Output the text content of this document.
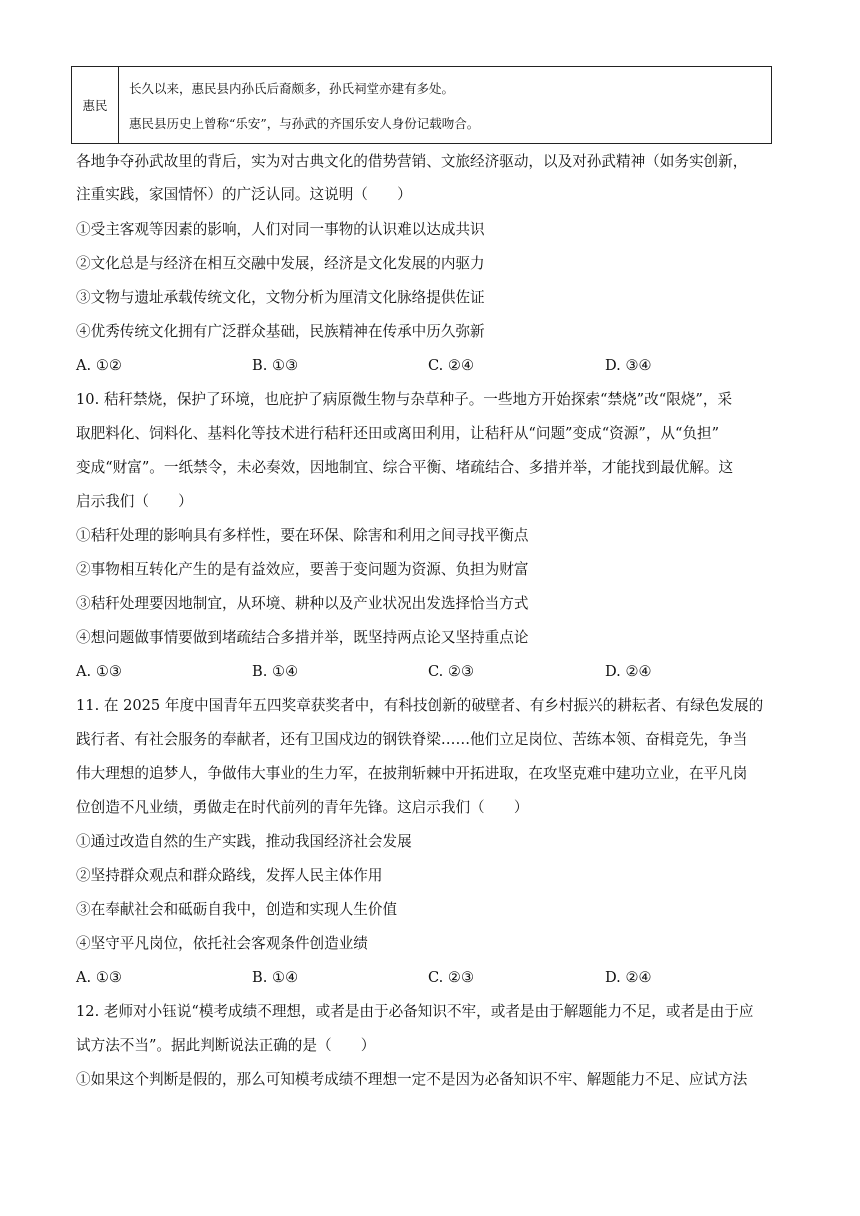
惠民
长久以来，惠民县内孙氏后裔颇多，孙氏祠堂亦建有多处。
惠民县历史上曾称“乐安”，与孙武的齐国乐安人身份记载吻合。
各地争夺孙武故里的背后，实为对古典文化的借势营销、文旅经济驱动，以及对孙武精神（如务实创新，
注重实践，家国情怀）的广泛认同。这说明（　　）
①受主客观等因素的影响，人们对同一事物的认识难以达成共识
②文化总是与经济在相互交融中发展，经济是文化发展的内驱力
③文物与遗址承载传统文化，文物分析为厘清文化脉络提供佐证
④优秀传统文化拥有广泛群众基础，民族精神在传承中历久弥新
A. ①②	B. ①③	C. ②④	D. ③④
10. 秸秆禁烧，保护了环境，也庇护了病原微生物与杂草种子。一些地方开始探索“禁烧”改“限烧”，采
取肥料化、饲料化、基料化等技术进行秸秆还田或离田利用，让秸秆从“问题”变成“资源”，从“负担”
变成“财富”。一纸禁令，未必奏效，因地制宜、综合平衡、堵疏结合、多措并举，才能找到最优解。这
启示我们（　　）
①秸秆处理的影响具有多样性，要在环保、除害和利用之间寻找平衡点
②事物相互转化产生的是有益效应，要善于变问题为资源、负担为财富
③秸秆处理要因地制宜，从环境、耕种以及产业状况出发选择恰当方式
④想问题做事情要做到堵疏结合多措并举，既坚持两点论又坚持重点论
A. ①③	B. ①④	C. ②③	D. ②④
11. 在 2025 年度中国青年五四奖章获奖者中，有科技创新的破壁者、有乡村振兴的耕耘者、有绿色发展的
践行者、有社会服务的奉献者，还有卫国戍边的钢铁脊梁……他们立足岗位、苦练本领、奋楫竞先，争当
伟大理想的追梦人，争做伟大事业的生力军，在披荆斩棘中开拓进取，在攻坚克难中建功立业，在平凡岗
位创造不凡业绩，勇做走在时代前列的青年先锋。这启示我们（　　）
①通过改造自然的生产实践，推动我国经济社会发展
②坚持群众观点和群众路线，发挥人民主体作用
③在奉献社会和砥砺自我中，创造和实现人生价值
④坚守平凡岗位，依托社会客观条件创造业绩
A. ①③	B. ①④	C. ②③	D. ②④
12. 老师对小钰说“模考成绩不理想，或者是由于必备知识不牢，或者是由于解题能力不足，或者是由于应
试方法不当”。据此判断说法正确的是（　　）
①如果这个判断是假的，那么可知模考成绩不理想一定不是因为必备知识不牢、解题能力不足、应试方法
